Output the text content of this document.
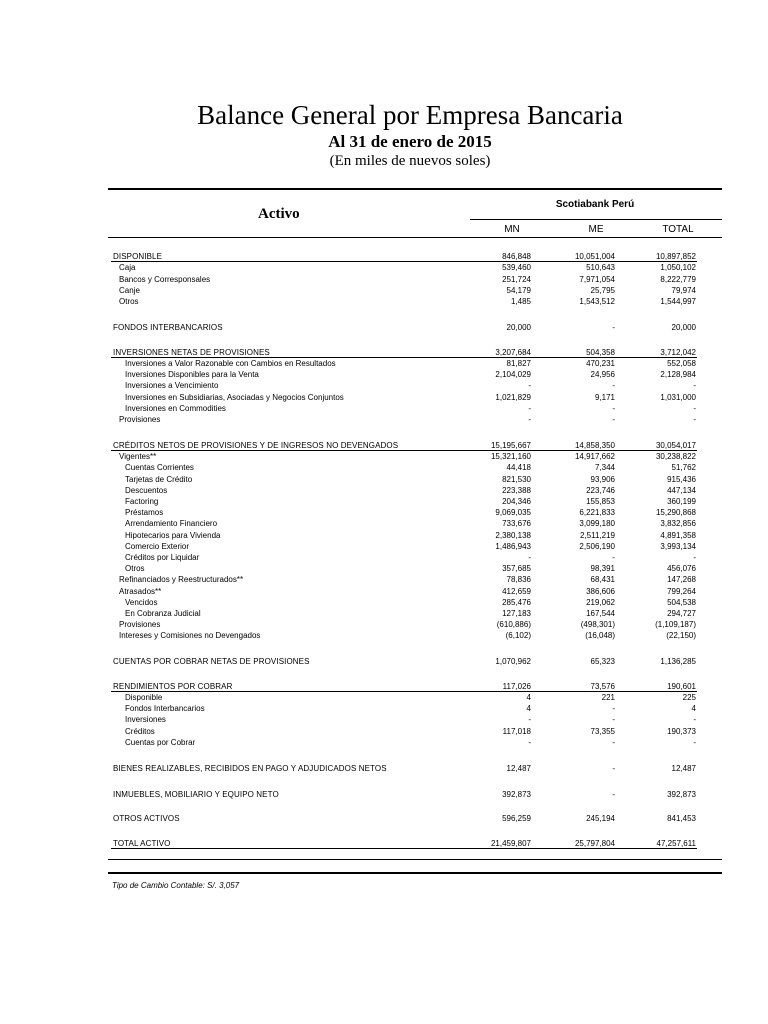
Balance General por Empresa Bancaria
Al 31 de enero de 2015

(En miles de nuevos soles)

Activo
Scotiabank Perú
MN	ME	TOTAL
DISPONIBLE	846,848	10,051,004	10,897,852
Caja	539,460	510,643	1,050,102
Bancos y Corresponsales	251,724	7,971,054	8,222,779
Canje	54,179	25,795	79,974
Otros	1,485	1,543,512	1,544,997
FONDOS INTERBANCARIOS	20,000	-	20,000
INVERSIONES NETAS DE PROVISIONES	3,207,684	504,358	3,712,042
Inversiones a Valor Razonable con Cambios en Resultados	81,827	470,231	552,058
Inversiones Disponibles para la Venta	2,104,029	24,956	2,128,984
Inversiones a Vencimiento	-	-	-
Inversiones en Subsidiarias, Asociadas y Negocios Conjuntos	1,021,829	9,171	1,031,000
Inversiones en Commodities	-	-	-
Provisiones	-	-	-
CRÉDITOS NETOS DE PROVISIONES Y DE INGRESOS NO DEVENGADOS	15,195,667	14,858,350	30,054,017
Vigentes**	15,321,160	14,917,662	30,238,822
Cuentas Corrientes	44,418	7,344	51,762
Tarjetas de Crédito	821,530	93,906	915,436
Descuentos	223,388	223,746	447,134
Factoring	204,346	155,853	360,199
Préstamos	9,069,035	6,221,833	15,290,868
Arrendamiento Financiero	733,676	3,099,180	3,832,856
Hipotecarios para Vivienda	2,380,138	2,511,219	4,891,358
Comercio Exterior	1,486,943	2,506,190	3,993,134
Créditos por Liquidar	-	-	-
Otros	357,685	98,391	456,076
Refinanciados y Reestructurados**	78,836	68,431	147,268
Atrasados**	412,659	386,606	799,264
Vencidos	285,476	219,062	504,538
En Cobranza Judicial	127,183	167,544	294,727
Provisiones	(610,886)	(498,301)	(1,109,187)
Intereses y Comisiones no Devengados	(6,102)	(16,048)	(22,150)
CUENTAS POR COBRAR NETAS DE PROVISIONES	1,070,962	65,323	1,136,285
RENDIMIENTOS POR COBRAR	117,026	73,576	190,601
Disponible	4	221	225
Fondos Interbancarios	4	-	4
Inversiones	-	-	-
Créditos	117,018	73,355	190,373
Cuentas por Cobrar	-	-	-
BIENES REALIZABLES, RECIBIDOS EN PAGO Y ADJUDICADOS NETOS	12,487	-	12,487
INMUEBLES, MOBILIARIO Y EQUIPO NETO	392,873	-	392,873
OTROS ACTIVOS	596,259	245,194	841,453
TOTAL ACTIVO	21,459,807	25,797,804	47,257,611
Tipo de Cambio Contable: S/. 3,057
